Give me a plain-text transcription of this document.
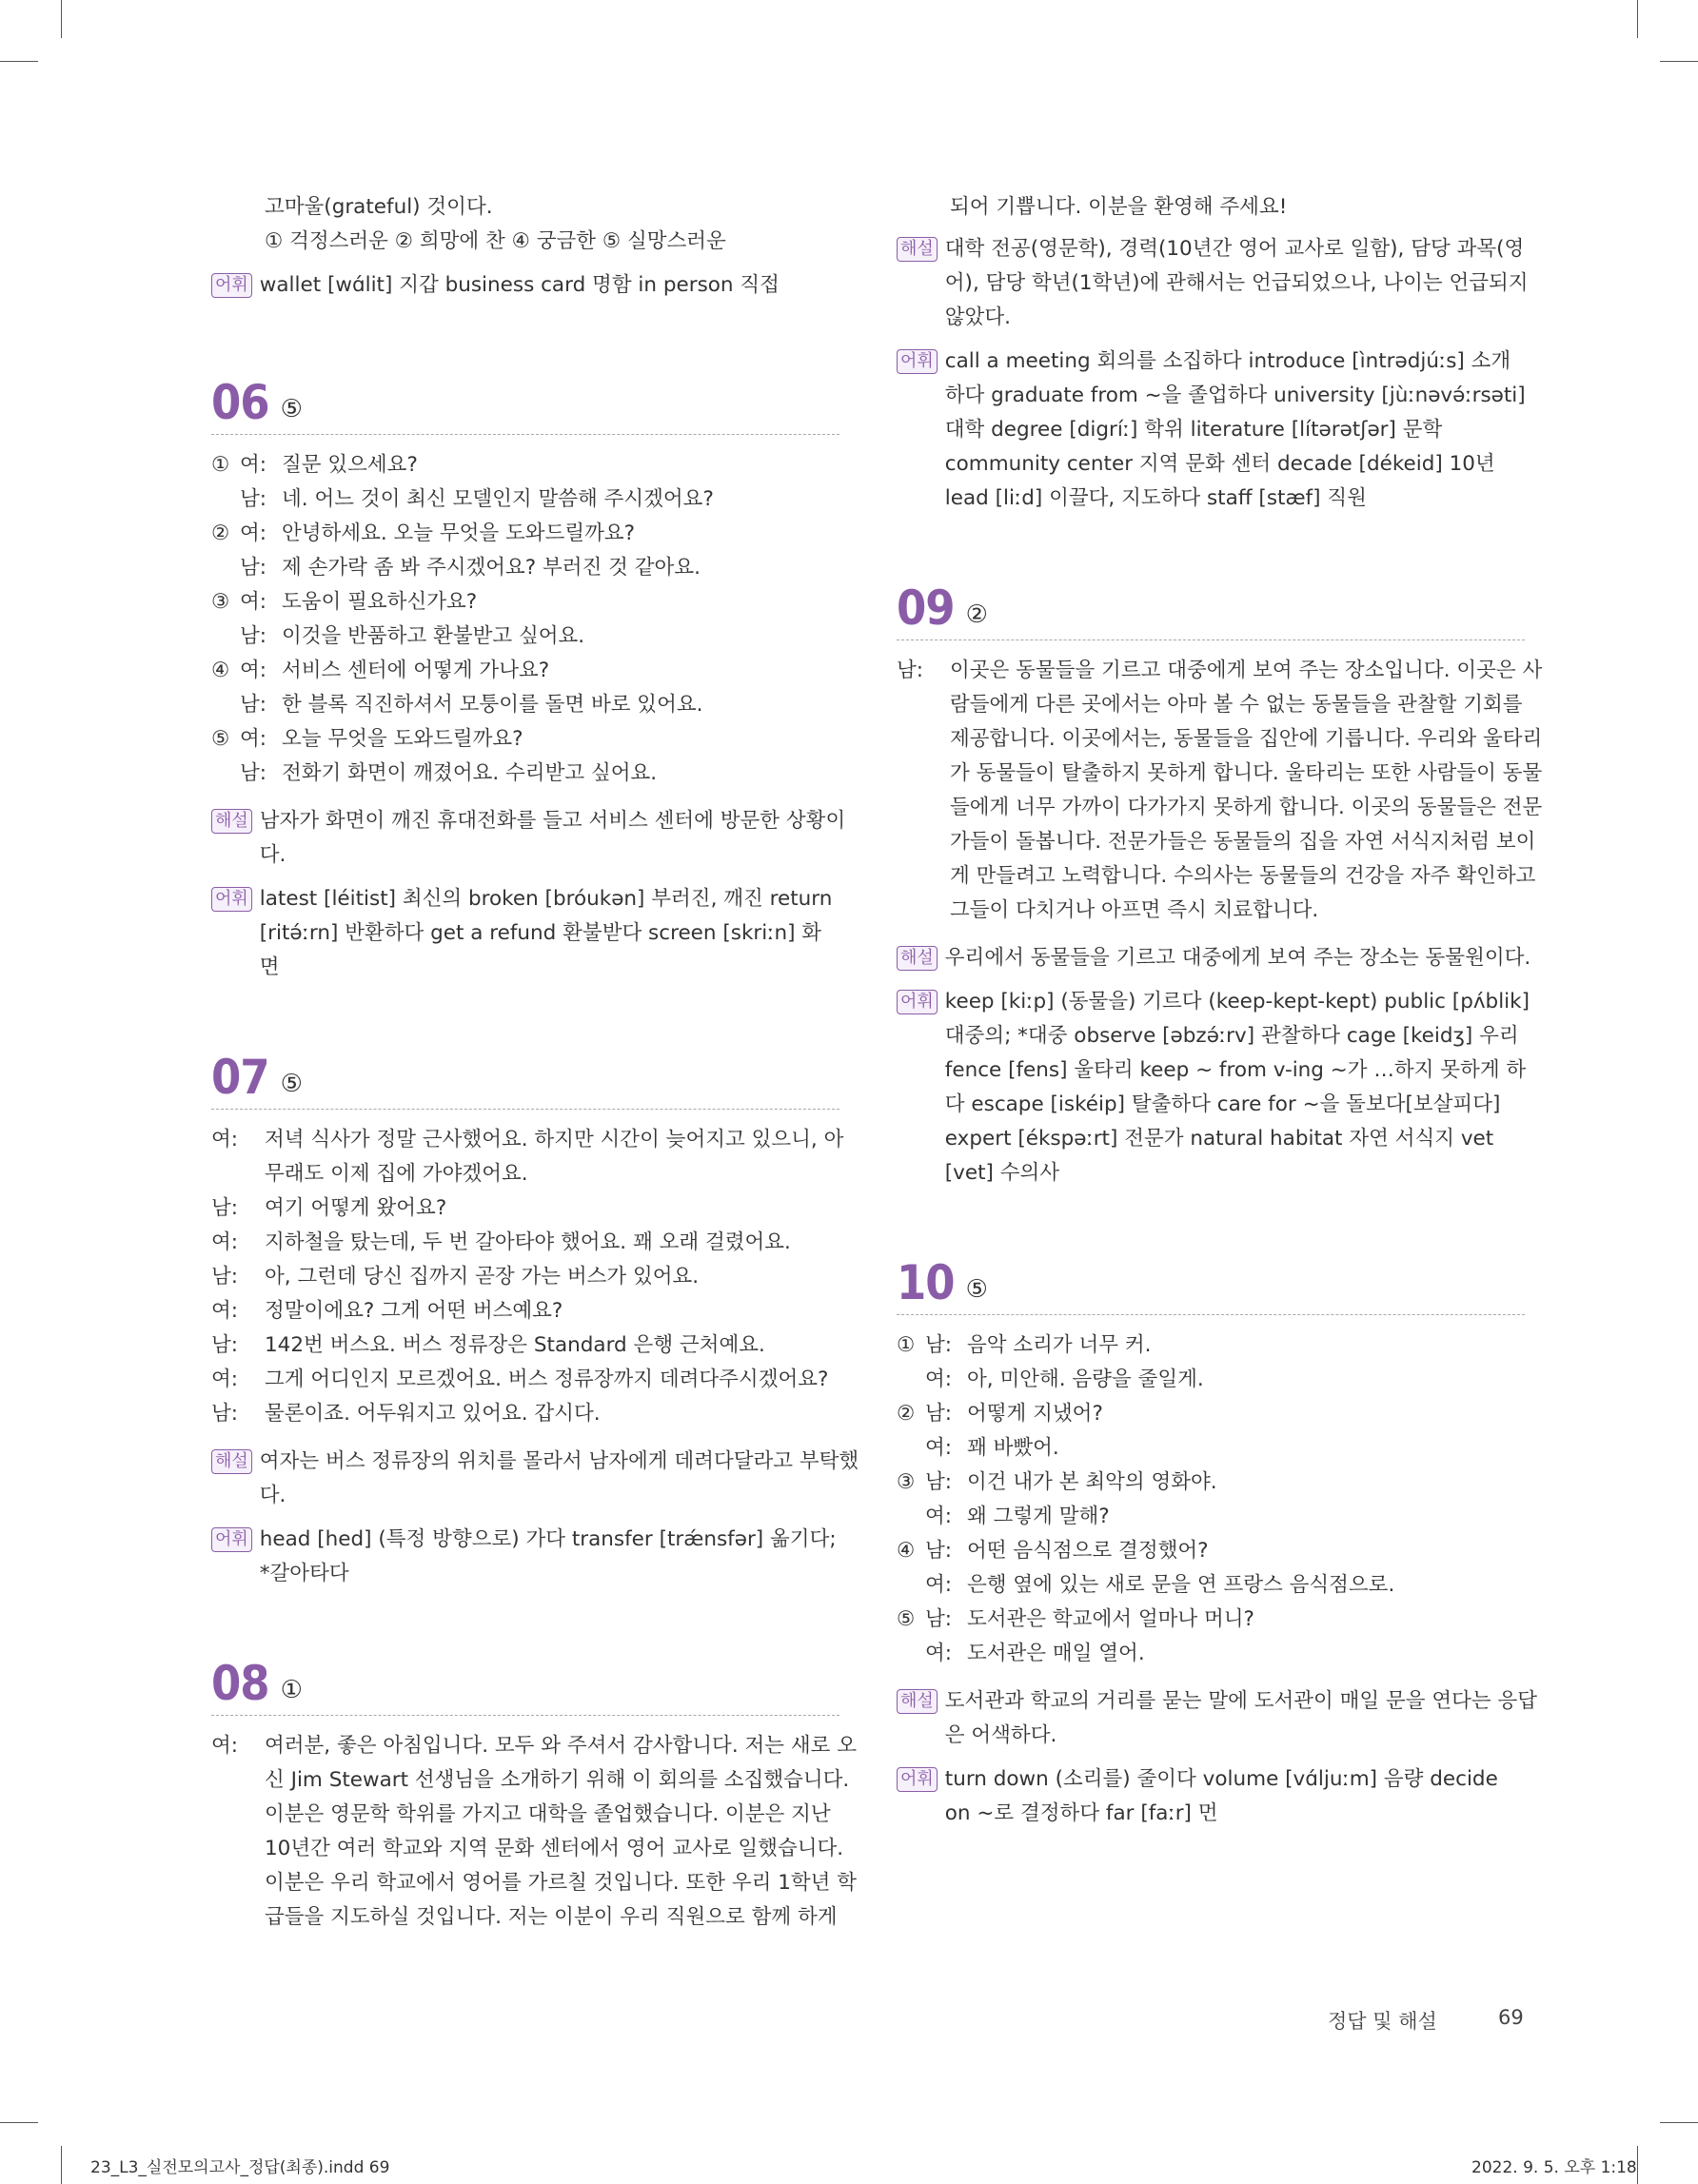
고마울(grateful) 것이다.
① 걱정스러운 ② 희망에 찬 ④ 궁금한 ⑤ 실망스러운
어휘 wallet [wɑ́lit] 지갑 business card 명함 in person 직접
06 ⑤
① 여: 질문 있으세요?
남: 네. 어느 것이 최신 모델인지 말씀해 주시겠어요?
② 여: 안녕하세요. 오늘 무엇을 도와드릴까요?
남: 제 손가락 좀 봐 주시겠어요? 부러진 것 같아요.
③ 여: 도움이 필요하신가요?
남: 이것을 반품하고 환불받고 싶어요.
④ 여: 서비스 센터에 어떻게 가나요?
남: 한 블록 직진하셔서 모퉁이를 돌면 바로 있어요.
⑤ 여: 오늘 무엇을 도와드릴까요?
남: 전화기 화면이 깨졌어요. 수리받고 싶어요.
해설 남자가 화면이 깨진 휴대전화를 들고 서비스 센터에 방문한 상황이
다.
어휘 latest [léitist] 최신의 broken [bróukən] 부러진, 깨진 return
[ritə́ːrn] 반환하다 get a refund 환불받다 screen [skriːn] 화
면
07 ⑤
여:	저녁 식사가 정말 근사했어요. 하지만 시간이 늦어지고 있으니, 아
무래도 이제 집에 가야겠어요.
남:	여기 어떻게 왔어요?
여:	지하철을 탔는데, 두 번 갈아타야 했어요. 꽤 오래 걸렸어요.
남:	아, 그런데 당신 집까지 곧장 가는 버스가 있어요.
여:	정말이에요? 그게 어떤 버스예요?
남:	142번 버스요. 버스 정류장은 Standard 은행 근처예요.
여:	그게 어디인지 모르겠어요. 버스 정류장까지 데려다주시겠어요?
남:	물론이죠. 어두워지고 있어요. 갑시다.
해설 여자는 버스 정류장의 위치를 몰라서 남자에게 데려다달라고 부탁했
다.
어휘 head [hed] (특정 방향으로) 가다 transfer [trǽnsfər] 옮기다;
*갈아타다
08 ①
여:	여러분, 좋은 아침입니다. 모두 와 주셔서 감사합니다. 저는 새로 오
신 Jim Stewart 선생님을 소개하기 위해 이 회의를 소집했습니다.
이분은 영문학 학위를 가지고 대학을 졸업했습니다. 이분은 지난
10년간 여러 학교와 지역 문화 센터에서 영어 교사로 일했습니다.
이분은 우리 학교에서 영어를 가르칠 것입니다. 또한 우리 1학년 학
급들을 지도하실 것입니다. 저는 이분이 우리 직원으로 함께 하게
되어 기쁩니다. 이분을 환영해 주세요!
해설 대학 전공(영문학), 경력(10년간 영어 교사로 일함), 담당 과목(영
어), 담당 학년(1학년)에 관해서는 언급되었으나, 나이는 언급되지
않았다.
어휘 call a meeting 회의를 소집하다 introduce [ìntrədjúːs] 소개
하다 graduate from ~을 졸업하다 university [jùːnəvə́ːrsəti]
대학 degree [digríː] 학위 literature [lítərətʃər] 문학
community center 지역 문화 센터 decade [dékeid] 10년
lead [liːd] 이끌다, 지도하다 staff [stæf] 직원
09 ②
남:	이곳은 동물들을 기르고 대중에게 보여 주는 장소입니다. 이곳은 사
람들에게 다른 곳에서는 아마 볼 수 없는 동물들을 관찰할 기회를
제공합니다. 이곳에서는, 동물들을 집안에 기릅니다. 우리와 울타리
가 동물들이 탈출하지 못하게 합니다. 울타리는 또한 사람들이 동물
들에게 너무 가까이 다가가지 못하게 합니다. 이곳의 동물들은 전문
가들이 돌봅니다. 전문가들은 동물들의 집을 자연 서식지처럼 보이
게 만들려고 노력합니다. 수의사는 동물들의 건강을 자주 확인하고
그들이 다치거나 아프면 즉시 치료합니다.
해설 우리에서 동물들을 기르고 대중에게 보여 주는 장소는 동물원이다.
어휘 keep [kiːp] (동물을) 기르다 (keep-kept-kept) public [pʌ́blik]
대중의; *대중 observe [əbzə́ːrv] 관찰하다 cage [keidʒ] 우리
fence [fens] 울타리 keep ~ from v-ing ~가 …하지 못하게 하
다 escape [iskéip] 탈출하다 care for ~을 돌보다[보살피다]
expert [ékspəːrt] 전문가 natural habitat 자연 서식지 vet
[vet] 수의사
10 ⑤
① 남: 음악 소리가 너무 커.
여: 아, 미안해. 음량을 줄일게.
② 남: 어떻게 지냈어?
여: 꽤 바빴어.
③ 남: 이건 내가 본 최악의 영화야.
여: 왜 그렇게 말해?
④ 남: 어떤 음식점으로 결정했어?
여: 은행 옆에 있는 새로 문을 연 프랑스 음식점으로.
⑤ 남: 도서관은 학교에서 얼마나 머니?
여: 도서관은 매일 열어.
해설 도서관과 학교의 거리를 묻는 말에 도서관이 매일 문을 연다는 응답
은 어색하다.
어휘 turn down (소리를) 줄이다 volume [vɑ́ljuːm] 음량 decide
on ~로 결정하다 far [faːr] 먼
정답 및 해설	69
23_L3_실전모의고사_정답(최종).indd 69	2022. 9. 5. 오후 1:18
